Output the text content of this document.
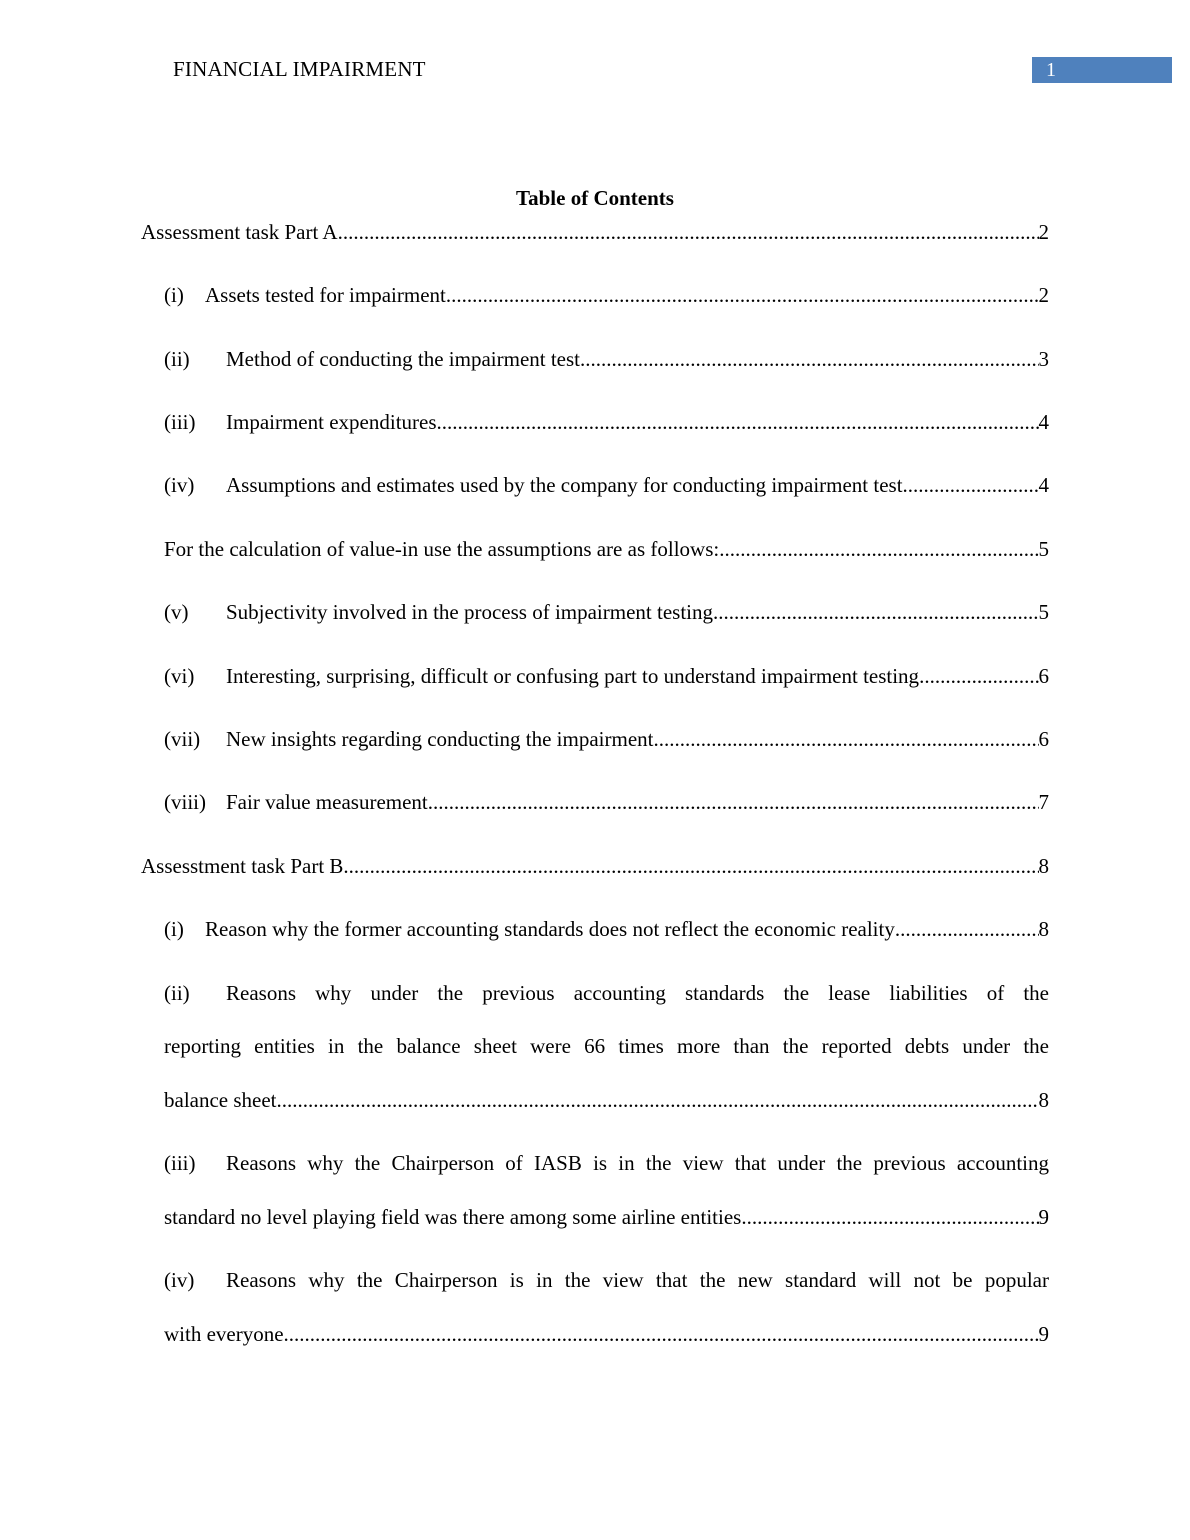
FINANCIAL IMPAIRMENT	1
Table of Contents
Assessment task Part A .....	2
(i)	Assets tested for impairment .....	2
(ii)	Method of conducting the impairment test .....	3
(iii)	Impairment expenditures .....	4
(iv)	Assumptions and estimates used by the company for conducting impairment test .....	4
For the calculation of value-in use the assumptions are as follows: .....	5
(v)	Subjectivity involved in the process of impairment testing .....	5
(vi)	Interesting, surprising, difficult or confusing part to understand impairment testing .....	6
(vii)	New insights regarding conducting the impairment .....	6
(viii) Fair value measurement .....	7
Assesstment task Part B .....	8
(i)	Reason why the former accounting standards does not reflect the economic reality .....	8
(ii) Reasons why under the previous accounting standards the lease liabilities of the
reporting entities in the balance sheet were 66 times more than the reported debts under the
balance sheet .....	8
(iii) Reasons why the Chairperson of IASB is in the view that under the previous accounting
standard no level playing field was there among some airline entities .....	9
(iv) Reasons why the Chairperson is in the view that the new standard will not be popular
with everyone .....	9
